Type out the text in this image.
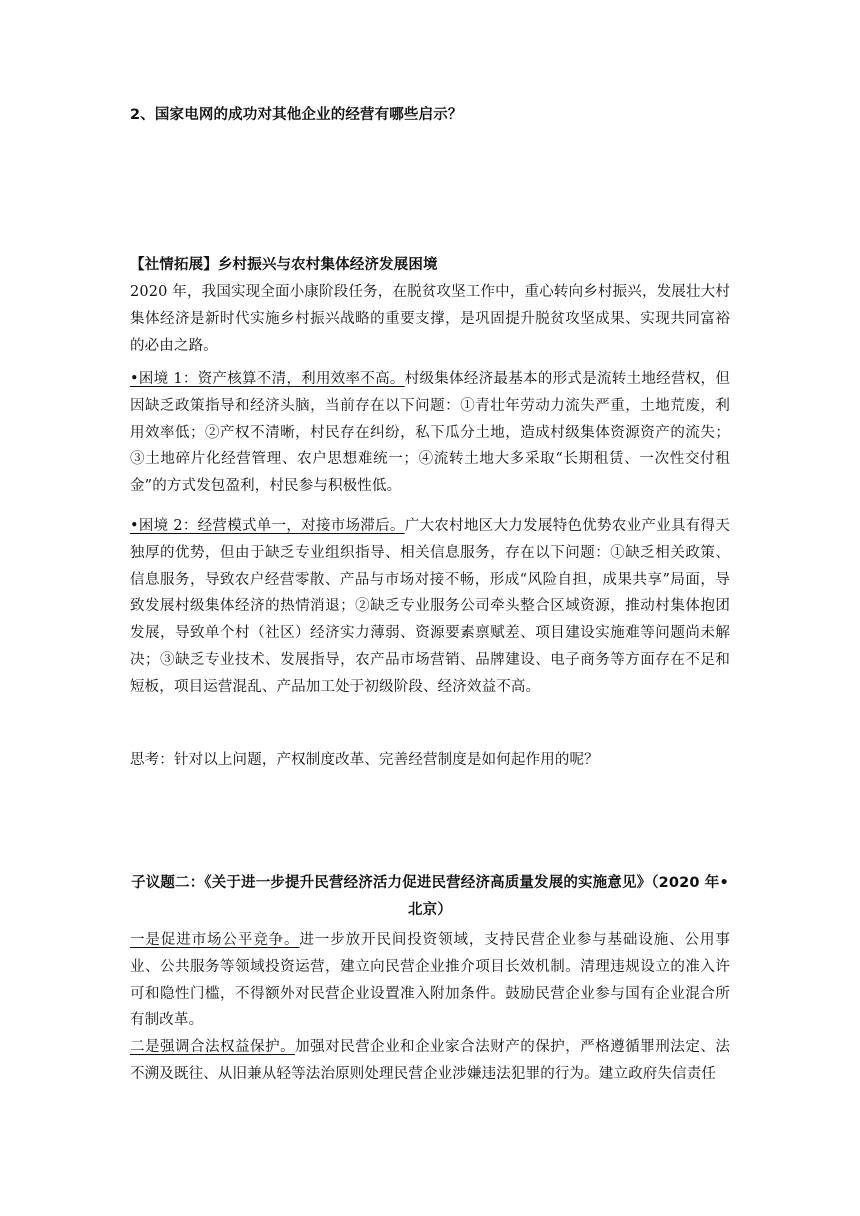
2、国家电网的成功对其他企业的经营有哪些启示？

【社情拓展】乡村振兴与农村集体经济发展困境

2020 年，我国实现全面小康阶段任务，在脱贫攻坚工作中，重心转向乡村振兴，发展壮大村集体经济是新时代实施乡村振兴战略的重要支撑，是巩固提升脱贫攻坚成果、实现共同富裕的必由之路。

•困境 1：资产核算不清，利用效率不高。村级集体经济最基本的形式是流转土地经营权，但因缺乏政策指导和经济头脑，当前存在以下问题：①青壮年劳动力流失严重，土地荒废，利用效率低；②产权不清晰，村民存在纠纷，私下瓜分土地，造成村级集体资源资产的流失；③土地碎片化经营管理、农户思想难统一；④流转土地大多采取“长期租赁、一次性交付租金”的方式发包盈利，村民参与积极性低。

•困境 2：经营模式单一，对接市场滞后。广大农村地区大力发展特色优势农业产业具有得天独厚的优势，但由于缺乏专业组织指导、相关信息服务，存在以下问题：①缺乏相关政策、信息服务，导致农户经营零散、产品与市场对接不畅，形成“风险自担，成果共享”局面，导致发展村级集体经济的热情消退；②缺乏专业服务公司牵头整合区域资源，推动村集体抱团发展，导致单个村（社区）经济实力薄弱、资源要素禀赋差、项目建设实施难等问题尚未解决；③缺乏专业技术、发展指导，农产品市场营销、品牌建设、电子商务等方面存在不足和短板，项目运营混乱、产品加工处于初级阶段、经济效益不高。

思考：针对以上问题，产权制度改革、完善经营制度是如何起作用的呢？

子议题二：《关于进一步提升民营经济活力促进民营经济高质量发展的实施意见》（2020 年•北京）

一是促进市场公平竞争。进一步放开民间投资领域，支持民营企业参与基础设施、公用事业、公共服务等领域投资运营，建立向民营企业推介项目长效机制。清理违规设立的准入许可和隐性门槛，不得额外对民营企业设置准入附加条件。鼓励民营企业参与国有企业混合所有制改革。

二是强调合法权益保护。加强对民营企业和企业家合法财产的保护，严格遵循罪刑法定、法不溯及既往、从旧兼从轻等法治原则处理民营企业涉嫌违法犯罪的行为。建立政府失信责任
